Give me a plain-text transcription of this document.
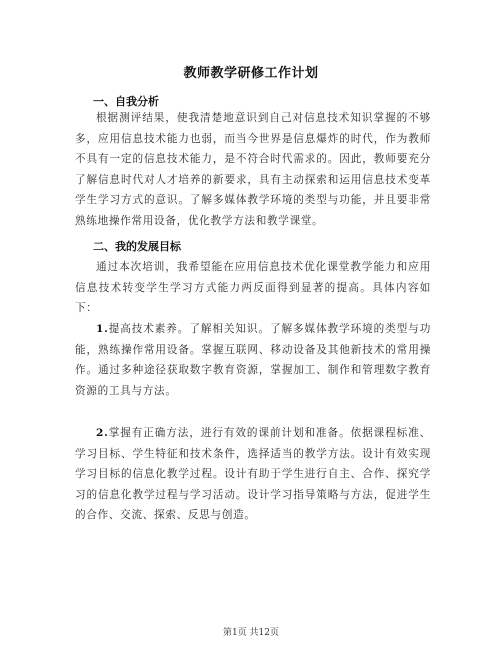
教师教学研修工作计划
一、自我分析

根据测评结果，使我清楚地意识到自己对信息技术知识掌握的不够多，应用信息技术能力也弱，而当今世界是信息爆炸的时代，作为教师不具有一定的信息技术能力，是不符合时代需求的。因此，教师要充分了解信息时代对人才培养的新要求，具有主动探索和运用信息技术变革学生学习方式的意识。了解多媒体教学环境的类型与功能，并且要非常熟练地操作常用设备，优化教学方法和教学课堂。

二、我的发展目标

通过本次培训，我希望能在应用信息技术优化课堂教学能力和应用信息技术转变学生学习方式能力两反面得到显著的提高。具体内容如下：

1.提高技术素养。了解相关知识。了解多媒体教学环境的类型与功能，熟练操作常用设备。掌握互联网、移动设备及其他新技术的常用操作。通过多种途径获取数字教育资源，掌握加工、制作和管理数字教育资源的工具与方法。

2.掌握有正确方法，进行有效的课前计划和准备。依据课程标准、学习目标、学生特征和技术条件，选择适当的教学方法。设计有效实现学习目标的信息化教学过程。设计有助于学生进行自主、合作、探究学习的信息化教学过程与学习活动。设计学习指导策略与方法，促进学生的合作、交流、探索、反思与创造。

第1页 共12页
